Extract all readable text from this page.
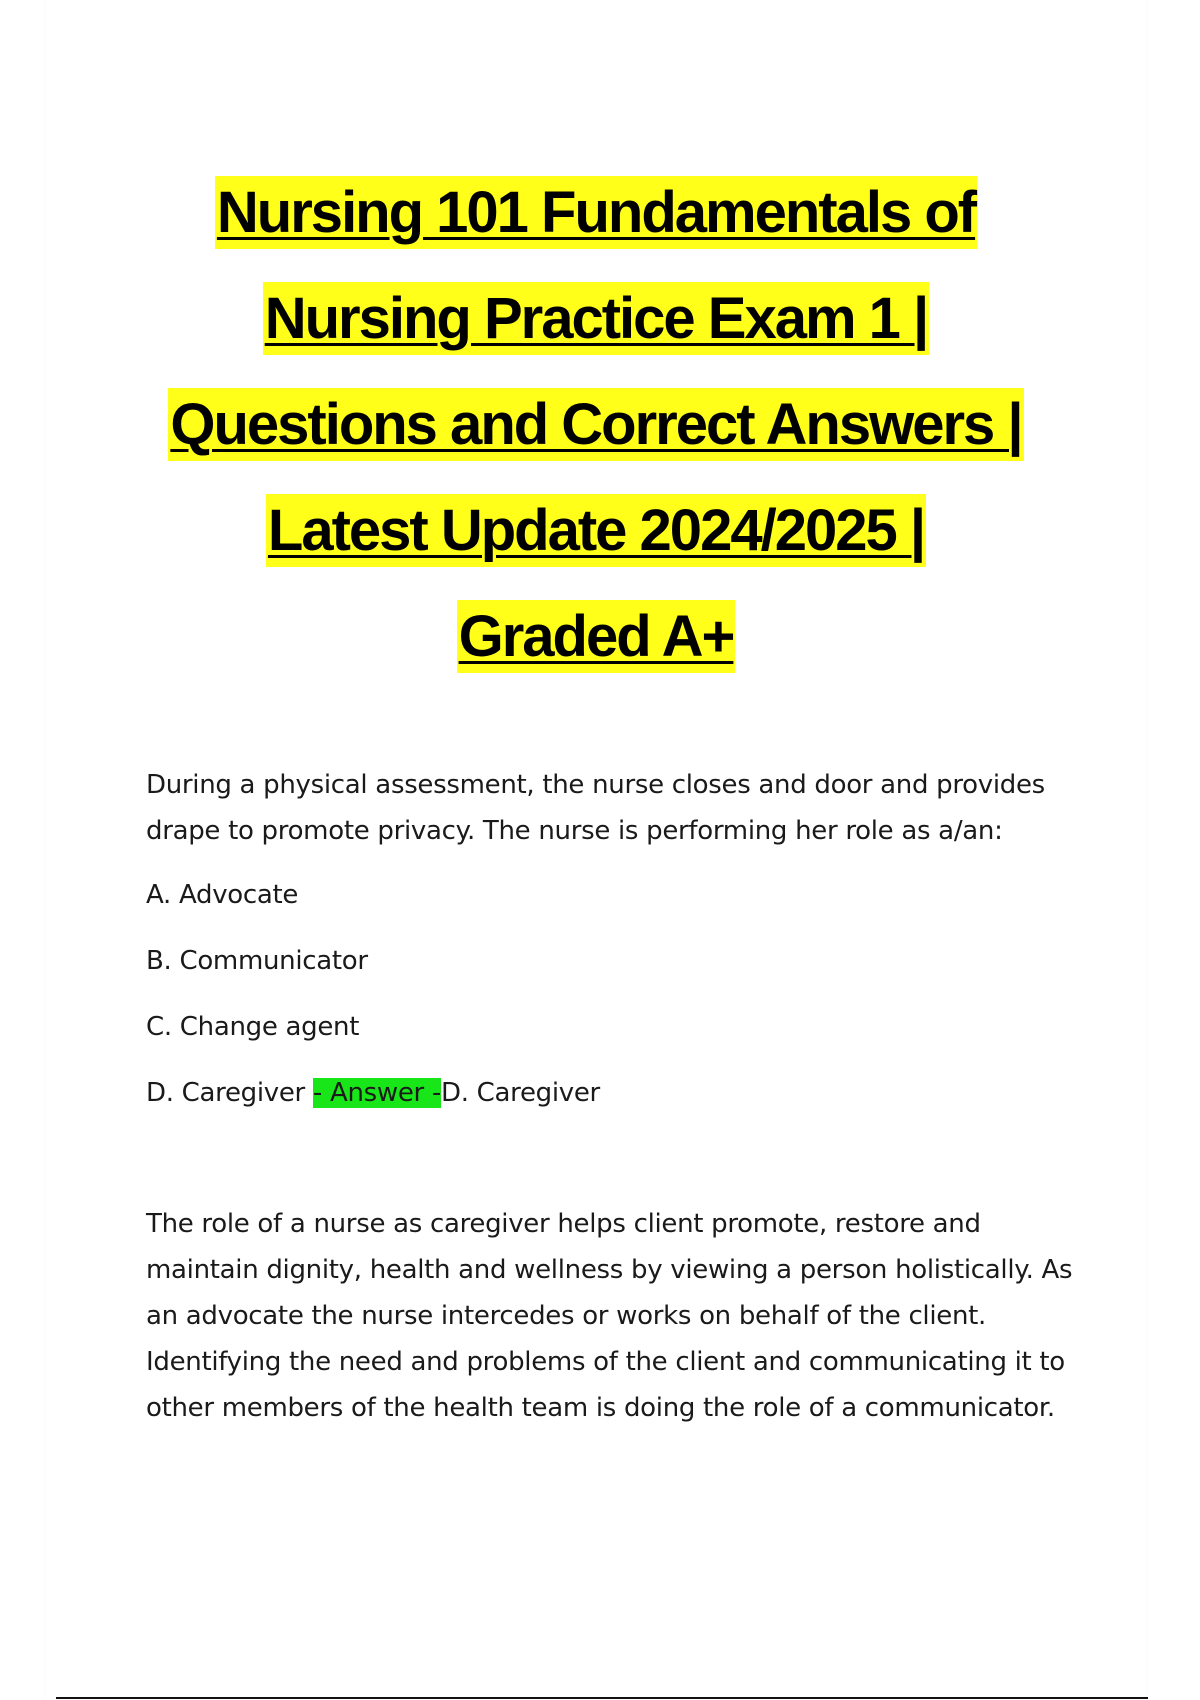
Nursing 101 Fundamentals of
Nursing Practice Exam 1 |
Questions and Correct Answers |
Latest Update 2024/2025 |
Graded A+
During a physical assessment, the nurse closes and door and provides
drape to promote privacy. The nurse is performing her role as a/an:
A. Advocate
B. Communicator
C. Change agent
D. Caregiver - Answer -D. Caregiver
The role of a nurse as caregiver helps client promote, restore and
maintain dignity, health and wellness by viewing a person holistically. As
an advocate the nurse intercedes or works on behalf of the client.
Identifying the need and problems of the client and communicating it to
other members of the health team is doing the role of a communicator.
